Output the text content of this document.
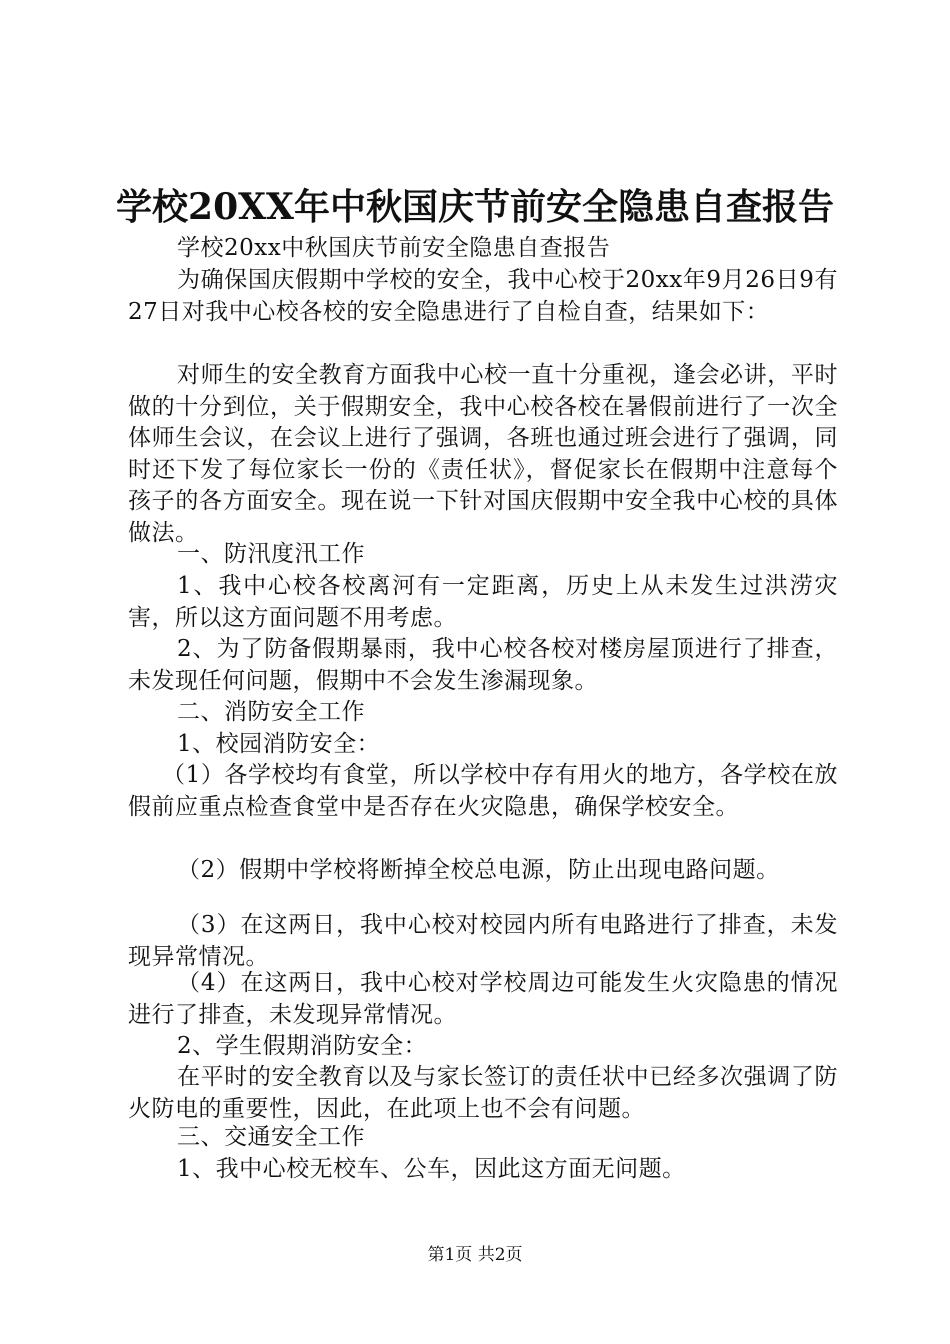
学校20XX年中秋国庆节前安全隐患自查报告
学校20xx中秋国庆节前安全隐患自查报告
为确保国庆假期中学校的安全，我中心校于20xx年9月26日9有27日对我中心校各校的安全隐患进行了自检自查，结果如下：
对师生的安全教育方面我中心校一直十分重视，逢会必讲，平时做的十分到位，关于假期安全，我中心校各校在暑假前进行了一次全体师生会议，在会议上进行了强调，各班也通过班会进行了强调，同时还下发了每位家长一份的《责任状》，督促家长在假期中注意每个孩子的各方面安全。现在说一下针对国庆假期中安全我中心校的具体做法。
一、防汛度汛工作
1、我中心校各校离河有一定距离，历史上从未发生过洪涝灾害，所以这方面问题不用考虑。
2、为了防备假期暴雨，我中心校各校对楼房屋顶进行了排查，未发现任何问题，假期中不会发生渗漏现象。
二、消防安全工作
1、校园消防安全：
（1）各学校均有食堂，所以学校中存有用火的地方，各学校在放假前应重点检查食堂中是否存在火灾隐患，确保学校安全。
（2）假期中学校将断掉全校总电源，防止出现电路问题。
（3）在这两日，我中心校对校园内所有电路进行了排查，未发现异常情况。
（4）在这两日，我中心校对学校周边可能发生火灾隐患的情况进行了排查，未发现异常情况。
2、学生假期消防安全：
在平时的安全教育以及与家长签订的责任状中已经多次强调了防火防电的重要性，因此，在此项上也不会有问题。
三、交通安全工作
1、我中心校无校车、公车，因此这方面无问题。
第1页 共2页
